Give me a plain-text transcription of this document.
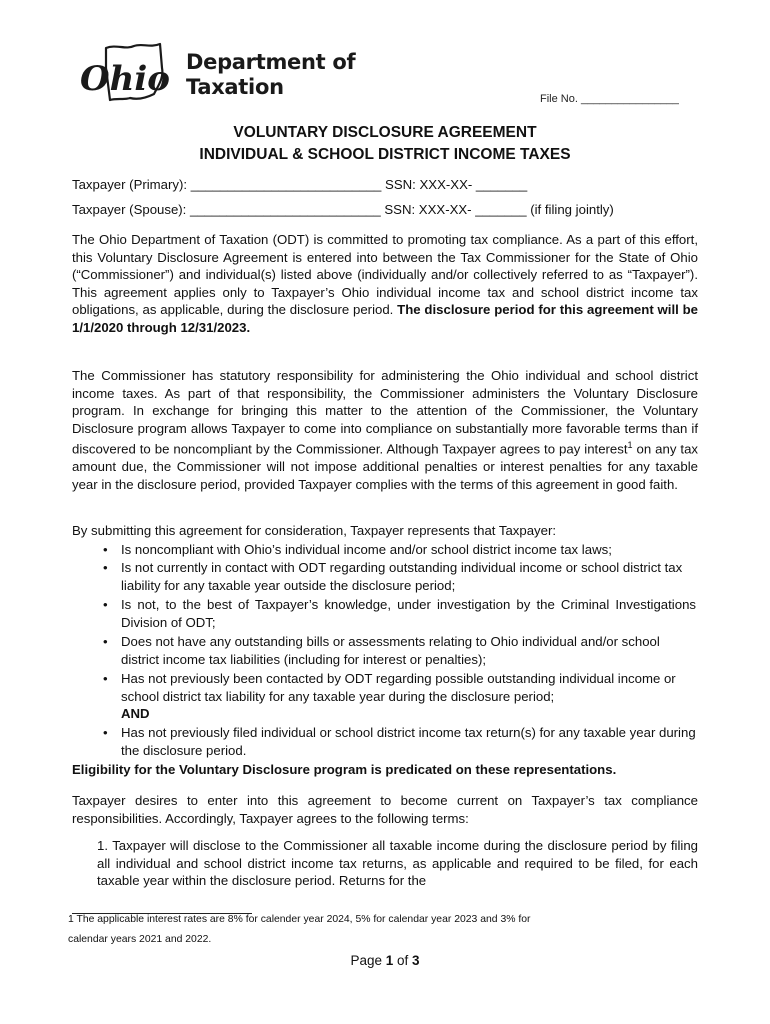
Ohio Department of
Taxation	File No. ________________
VOLUNTARY DISCLOSURE AGREEMENT
INDIVIDUAL & SCHOOL DISTRICT INCOME TAXES
Taxpayer (Primary): __________________________ SSN: XXX-XX- _______
Taxpayer (Spouse): __________________________ SSN: XXX-XX- _______ (if filing jointly)

The Ohio Department of Taxation (ODT) is committed to promoting tax compliance. As a part of this effort, this Voluntary Disclosure Agreement is entered into between the Tax Commissioner for the State of Ohio (“Commissioner”) and individual(s) listed above (individually and/or collectively referred to as “Taxpayer”). This agreement applies only to Taxpayer’s Ohio individual income tax and school district income tax obligations, as applicable, during the disclosure period. The disclosure period for this agreement will be 1/1/2020 through 12/31/2023.

The Commissioner has statutory responsibility for administering the Ohio individual and school district income taxes. As part of that responsibility, the Commissioner administers the Voluntary Disclosure program. In exchange for bringing this matter to the attention of the Commissioner, the Voluntary Disclosure program allows Taxpayer to come into compliance on substantially more favorable terms than if discovered to be noncompliant by the Commissioner. Although Taxpayer agrees to pay interest$^1$ on any tax amount due, the Commissioner will not impose additional penalties or interest penalties for any taxable year in the disclosure period, provided Taxpayer complies with the terms of this agreement in good faith.

By submitting this agreement for consideration, Taxpayer represents that Taxpayer:
• Is noncompliant with Ohio’s individual income and/or school district income tax laws;
• Is not currently in contact with ODT regarding outstanding individual income or school district tax liability for any taxable year outside the disclosure period;
• Is not, to the best of Taxpayer’s knowledge, under investigation by the Criminal Investigations Division of ODT;
• Does not have any outstanding bills or assessments relating to Ohio individual and/or school district income tax liabilities (including for interest or penalties);
• Has not previously been contacted by ODT regarding possible outstanding individual income or school district tax liability for any taxable year during the disclosure period;
AND
• Has not previously filed individual or school district income tax return(s) for any taxable year during the disclosure period.
Eligibility for the Voluntary Disclosure program is predicated on these representations.

Taxpayer desires to enter into this agreement to become current on Taxpayer’s tax compliance responsibilities. Accordingly, Taxpayer agrees to the following terms:

1. Taxpayer will disclose to the Commissioner all taxable income during the disclosure period by filing all individual and school district income tax returns, as applicable and required to be filed, for each taxable year within the disclosure period. Returns for the

1 The applicable interest rates are 8% for calender year 2024, 5% for calendar year 2023 and 3% for
calendar years 2021 and 2022.
Page 1 of 3
